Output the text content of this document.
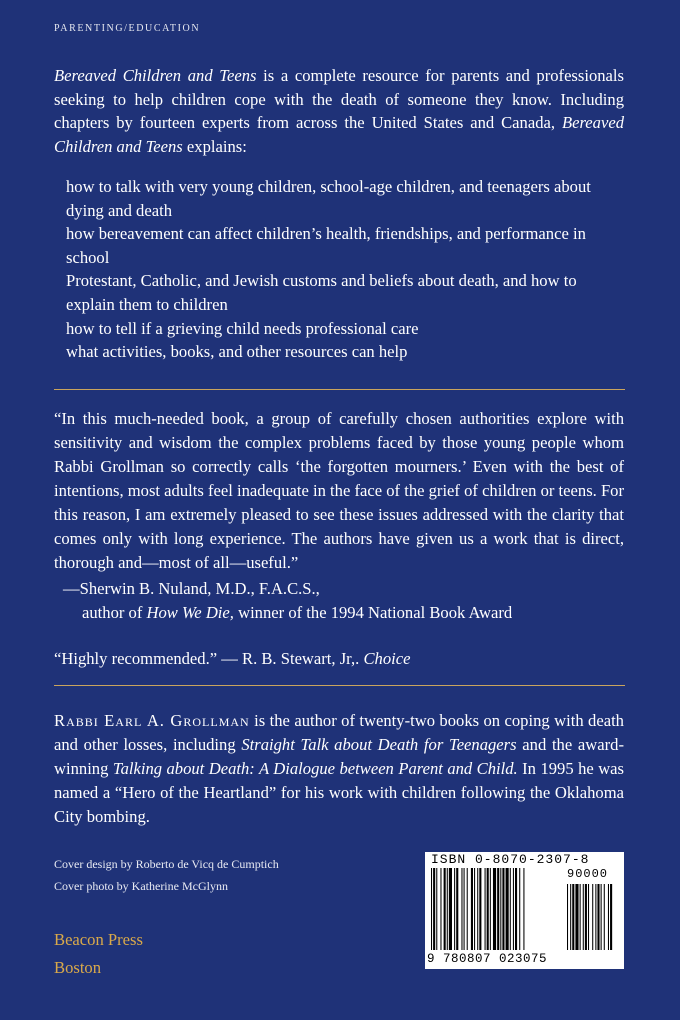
PARENTING/EDUCATION
Bereaved Children and Teens is a complete resource for parents and professionals seeking to help children cope with the death of someone they know. Including chapters by fourteen experts from across the United States and Canada, Bereaved Children and Teens explains:
how to talk with very young children, school-age children, and teenagers about dying and death
how bereavement can affect children’s health, friendships, and performance in school
Protestant, Catholic, and Jewish customs and beliefs about death, and how to explain them to children
how to tell if a grieving child needs professional care
what activities, books, and other resources can help
“In this much-needed book, a group of carefully chosen authorities explore with sensitivity and wisdom the complex problems faced by those young people whom Rabbi Grollman so correctly calls ‘the forgotten mourners.’ Even with the best of intentions, most adults feel inadequate in the face of the grief of children or teens. For this reason, I am extremely pleased to see these issues addressed with the clarity that comes only with long experience. The authors have given us a work that is direct, thorough and—most of all—useful.”
—Sherwin B. Nuland, M.D., F.A.C.S.,
author of How We Die, winner of the 1994 National Book Award
“Highly recommended.” — R. B. Stewart, Jr,. Choice
Rabbi Earl A. Grollman is the author of twenty-two books on coping with death and other losses, including Straight Talk about Death for Teenagers and the award-winning Talking about Death: A Dialogue between Parent and Child. In 1995 he was named a “Hero of the Heartland” for his work with children following the Oklahoma City bombing.
Cover design by Roberto de Vicq de Cumptich
Cover photo by Katherine McGlynn
Beacon Press
Boston
ISBN 0-8070-2307-8
90000
9 780807 023075
